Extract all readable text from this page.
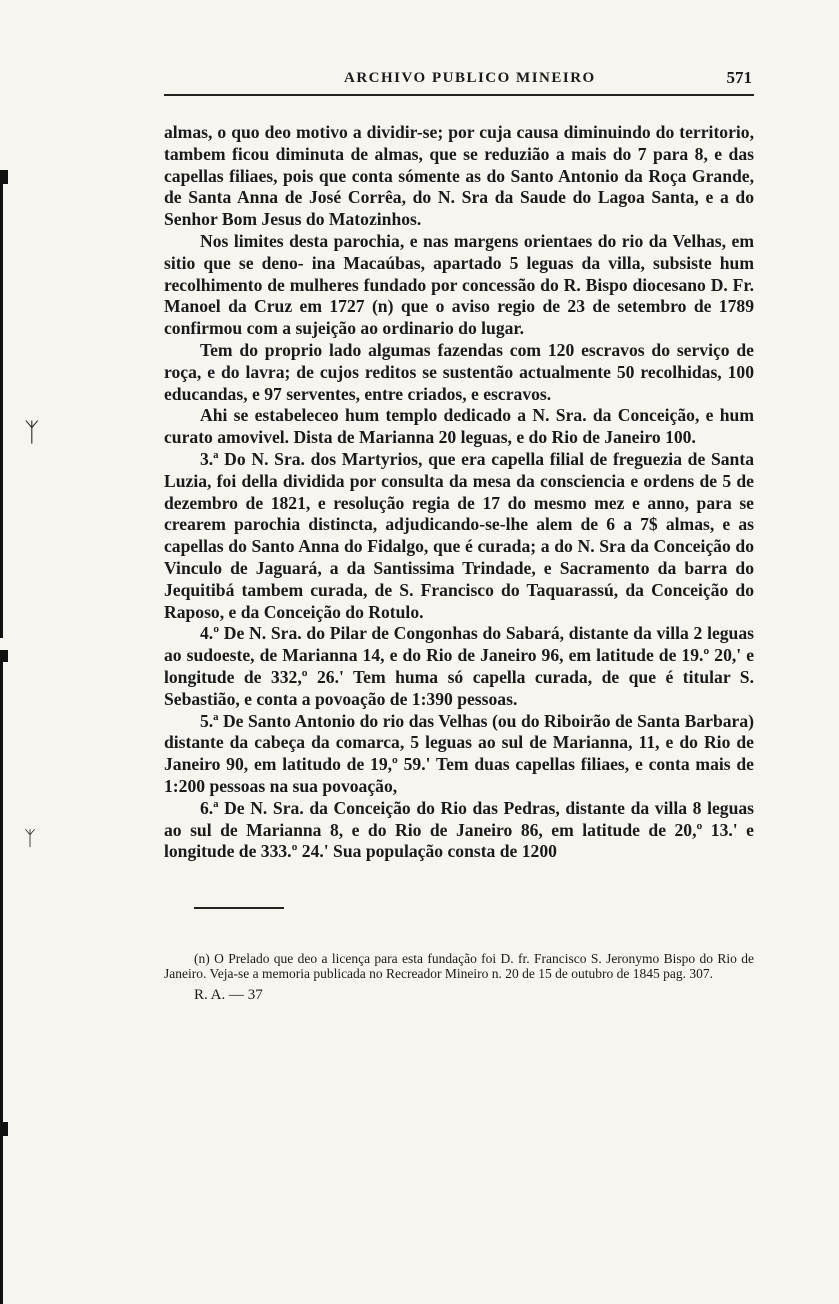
ᛉ
ᛉ
ARCHIVO PUBLICO MINEIRO	571

almas, o quo deo motivo a dividir-se; por cuja causa diminuindo do territorio, tambem ficou diminuta de almas, que se reduzião a mais do 7 para 8, e das capellas filiaes, pois que conta sómente as do Santo Antonio da Roça Grande, de Santa Anna de José Corrêa, do N. Sra da Saude do Lagoa Santa, e a do Senhor Bom Jesus do Matozinhos.

Nos limites desta parochia, e nas margens orientaes do rio da Velhas, em sitio que se deno- ina Macaúbas, apartado 5 leguas da villa, subsiste hum recolhimento de mulheres fundado por concessão do R. Bispo diocesano D. Fr. Manoel da Cruz em 1727 (n) que o aviso regio de 23 de setembro de 1789 confirmou com a sujeição ao ordinario do lugar.

Tem do proprio lado algumas fazendas com 120 escravos do serviço de roça, e do lavra; de cujos reditos se sustentão actualmente 50 recolhidas, 100 educandas, e 97 serventes, entre criados, e escravos.

Ahi se estabeleceo hum templo dedicado a N. Sra. da Conceição, e hum curato amovivel. Dista de Marianna 20 leguas, e do Rio de Janeiro 100.

3.ª Do N. Sra. dos Martyrios, que era capella filial de freguezia de Santa Luzia, foi della dividida por consulta da mesa da consciencia e ordens de 5 de dezembro de 1821, e resolução regia de 17 do mesmo mez e anno, para se crearem parochia distincta, adjudicando-se-lhe alem de 6 a 7$ almas, e as capellas do Santo Anna do Fidalgo, que é curada; a do N. Sra da Conceição do Vinculo de Jaguará, a da Santissima Trindade, e Sacramento da barra do Jequitibá tambem curada, de S. Francisco do Taquarassú, da Conceição do Raposo, e da Conceição do Rotulo.

4.º De N. Sra. do Pilar de Congonhas do Sabará, distante da villa 2 leguas ao sudoeste, de Marianna 14, e do Rio de Janeiro 96, em latitude de 19.º 20,' e longitude de 332,º 26.' Tem huma só capella curada, de que é titular S. Sebastião, e conta a povoação de 1:390 pessoas.

5.ª De Santo Antonio do rio das Velhas (ou do Riboirão de Santa Barbara) distante da cabeça da comarca, 5 leguas ao sul de Marianna, 11, e do Rio de Janeiro 90, em latitudo de 19,º 59.' Tem duas capellas filiaes, e conta mais de 1:200 pessoas na sua povoação,

6.ª De N. Sra. da Conceição do Rio das Pedras, distante da villa 8 leguas ao sul de Marianna 8, e do Rio de Janeiro 86, em latitude de 20,º 13.' e longitude de 333.º 24.' Sua população consta de 1200

(n) O Prelado que deo a licença para esta fundação foi D. fr. Francisco S. Jeronymo Bispo do Rio de Janeiro. Veja-se a memoria publicada no Recreador Mineiro n. 20 de 15 de outubro de 1845 pag. 307.

R. A. — 37
